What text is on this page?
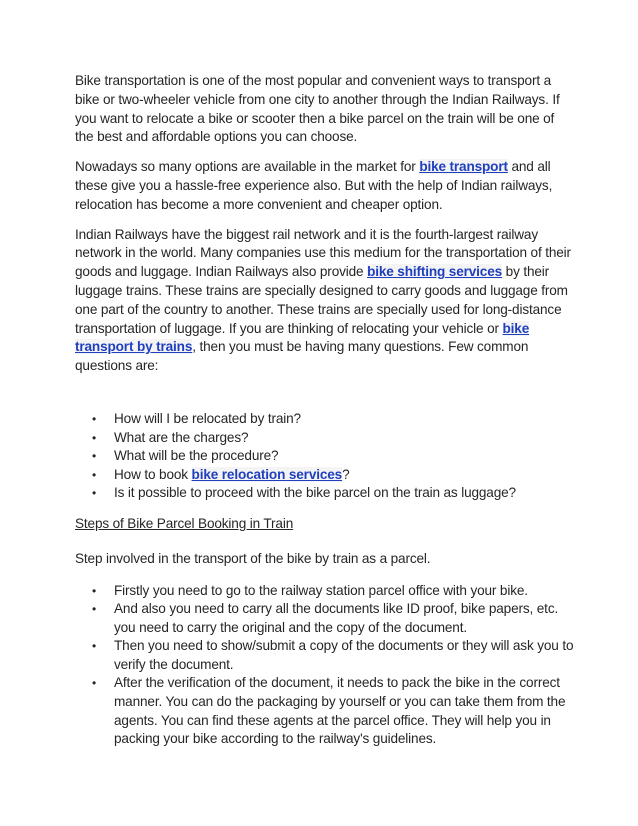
Bike transportation is one of the most popular and convenient ways to transport a bike or two-wheeler vehicle from one city to another through the Indian Railways. If you want to relocate a bike or scooter then a bike parcel on the train will be one of the best and affordable options you can choose.

Nowadays so many options are available in the market for bike transport and all these give you a hassle-free experience also. But with the help of Indian railways, relocation has become a more convenient and cheaper option.

Indian Railways have the biggest rail network and it is the fourth-largest railway network in the world. Many companies use this medium for the transportation of their goods and luggage. Indian Railways also provide bike shifting services by their luggage trains. These trains are specially designed to carry goods and luggage from one part of the country to another. These trains are specially used for long-distance transportation of luggage. If you are thinking of relocating your vehicle or bike transport by trains, then you must be having many questions. Few common questions are:

• How will I be relocated by train?
• What are the charges?
• What will be the procedure?
• How to book bike relocation services?
• Is it possible to proceed with the bike parcel on the train as luggage?
Steps of Bike Parcel Booking in Train

Step involved in the transport of the bike by train as a parcel.

• Firstly you need to go to the railway station parcel office with your bike.
• And also you need to carry all the documents like ID proof, bike papers, etc. you need to carry the original and the copy of the document.
• Then you need to show/submit a copy of the documents or they will ask you to verify the document.
• After the verification of the document, it needs to pack the bike in the correct manner. You can do the packaging by yourself or you can take them from the agents. You can find these agents at the parcel office. They will help you in packing your bike according to the railway's guidelines.
